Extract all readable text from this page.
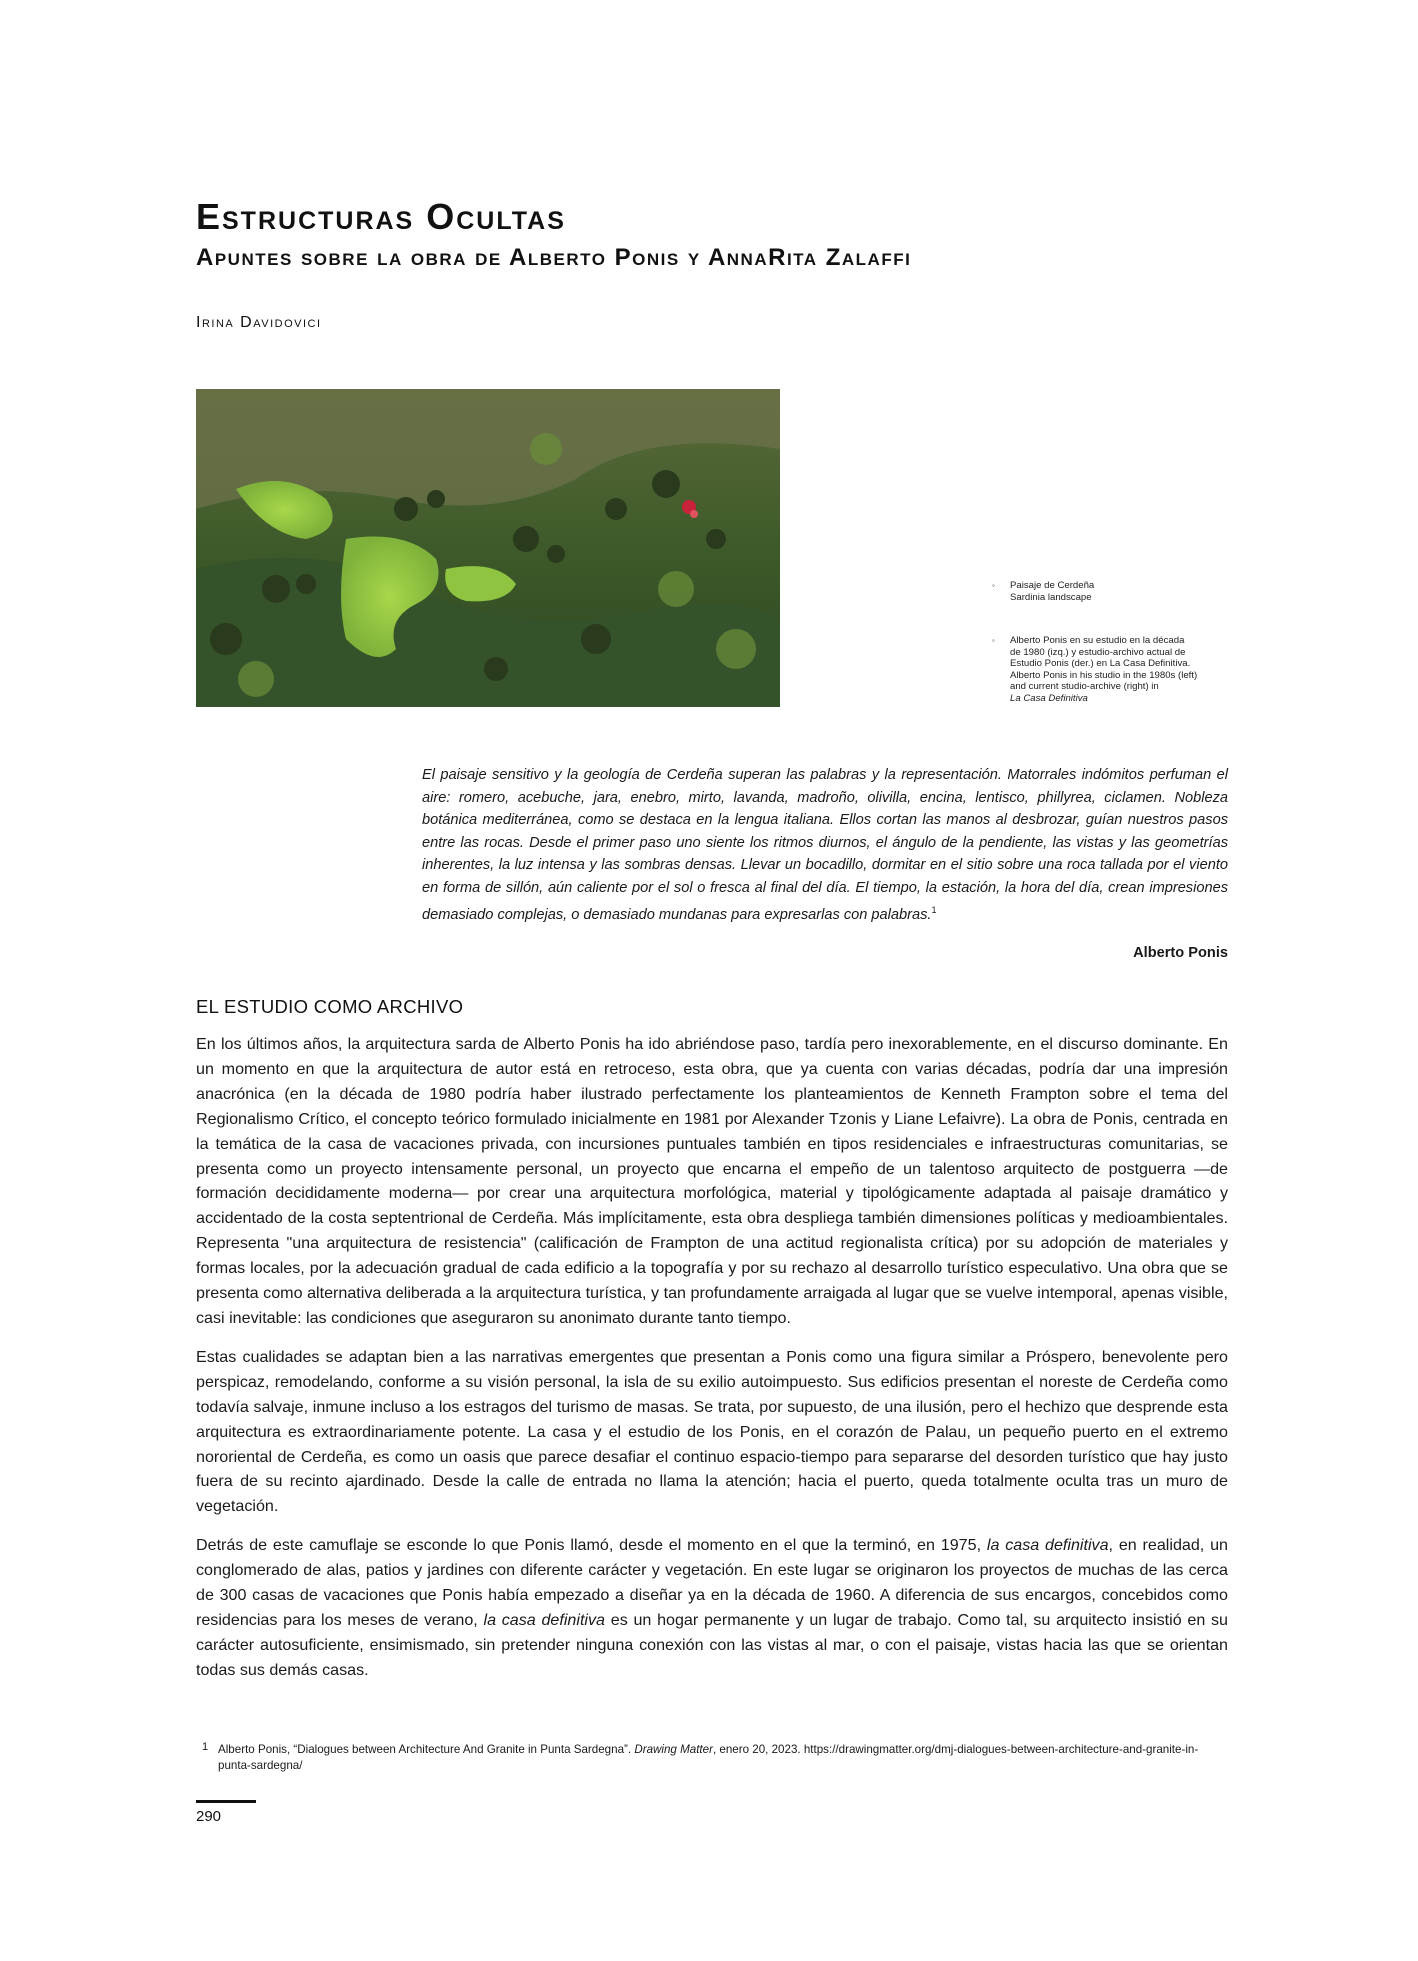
Estructuras Ocultas
Apuntes sobre la obra de Alberto Ponis y AnnaRita Zalaffi
Irina Davidovici
◦ Paisaje de Cerdeña
Sardinia landscape
◦ Alberto Ponis en su estudio en la década
de 1980 (izq.) y estudio-archivo actual de
Estudio Ponis (der.) en La Casa Definitiva.
Alberto Ponis in his studio in the 1980s (left)
and current studio-archive (right) in
La Casa Definitiva

El paisaje sensitivo y la geología de Cerdeña superan las palabras y la representación. Matorrales indómitos perfuman el aire: romero, acebuche, jara, enebro, mirto, lavanda, madroño, olivilla, encina, lentisco, phillyrea, ciclamen. Nobleza botánica mediterránea, como se destaca en la lengua italiana. Ellos cortan las manos al desbrozar, guían nuestros pasos entre las rocas. Desde el primer paso uno siente los ritmos diurnos, el ángulo de la pendiente, las vistas y las geometrías inherentes, la luz intensa y las sombras densas. Llevar un bocadillo, dormitar en el sitio sobre una roca tallada por el viento en forma de sillón, aún caliente por el sol o fresca al final del día. El tiempo, la estación, la hora del día, crean impresiones demasiado complejas, o demasiado mundanas para expresarlas con palabras.$^1$

Alberto Ponis
EL ESTUDIO COMO ARCHIVO

En los últimos años, la arquitectura sarda de Alberto Ponis ha ido abriéndose paso, tardía pero inexorablemente, en el discurso dominante. En un momento en que la arquitectura de autor está en retroceso, esta obra, que ya cuenta con varias décadas, podría dar una impresión anacrónica (en la década de 1980 podría haber ilustrado perfectamente los planteamientos de Kenneth Frampton sobre el tema del Regionalismo Crítico, el concepto teórico formulado inicialmente en 1981 por Alexander Tzonis y Liane Lefaivre). La obra de Ponis, centrada en la temática de la casa de vacaciones privada, con incursiones puntuales también en tipos residenciales e infraestructuras comunitarias, se presenta como un proyecto intensamente personal, un proyecto que encarna el empeño de un talentoso arquitecto de postguerra —de formación decididamente moderna— por crear una arquitectura morfológica, material y tipológicamente adaptada al paisaje dramático y accidentado de la costa septentrional de Cerdeña. Más implícitamente, esta obra despliega también dimensiones políticas y medioambientales. Representa "una arquitectura de resistencia" (calificación de Frampton de una actitud regionalista crítica) por su adopción de materiales y formas locales, por la adecuación gradual de cada edificio a la topografía y por su rechazo al desarrollo turístico especulativo. Una obra que se presenta como alternativa deliberada a la arquitectura turística, y tan profundamente arraigada al lugar que se vuelve intemporal, apenas visible, casi inevitable: las condiciones que aseguraron su anonimato durante tanto tiempo.

Estas cualidades se adaptan bien a las narrativas emergentes que presentan a Ponis como una figura similar a Próspero, benevolente pero perspicaz, remodelando, conforme a su visión personal, la isla de su exilio autoimpuesto. Sus edificios presentan el noreste de Cerdeña como todavía salvaje, inmune incluso a los estragos del turismo de masas. Se trata, por supuesto, de una ilusión, pero el hechizo que desprende esta arquitectura es extraordinariamente potente. La casa y el estudio de los Ponis, en el corazón de Palau, un pequeño puerto en el extremo nororiental de Cerdeña, es como un oasis que parece desafiar el continuo espacio-tiempo para separarse del desorden turístico que hay justo fuera de su recinto ajardinado. Desde la calle de entrada no llama la atención; hacia el puerto, queda totalmente oculta tras un muro de vegetación.

Detrás de este camuflaje se esconde lo que Ponis llamó, desde el momento en el que la terminó, en 1975, la casa definitiva, en realidad, un conglomerado de alas, patios y jardines con diferente carácter y vegetación. En este lugar se originaron los proyectos de muchas de las cerca de 300 casas de vacaciones que Ponis había empezado a diseñar ya en la década de 1960. A diferencia de sus encargos, concebidos como residencias para los meses de verano, la casa definitiva es un hogar permanente y un lugar de trabajo. Como tal, su arquitecto insistió en su carácter autosuficiente, ensimismado, sin pretender ninguna conexión con las vistas al mar, o con el paisaje, vistas hacia las que se orientan todas sus demás casas.

1 Alberto Ponis, “Dialogues between Architecture And Granite in Punta Sardegna”. Drawing Matter, enero 20, 2023. https://drawingmatter.org/dmj-dialogues-between-architecture-and-granite-in-punta-sardegna/
290
